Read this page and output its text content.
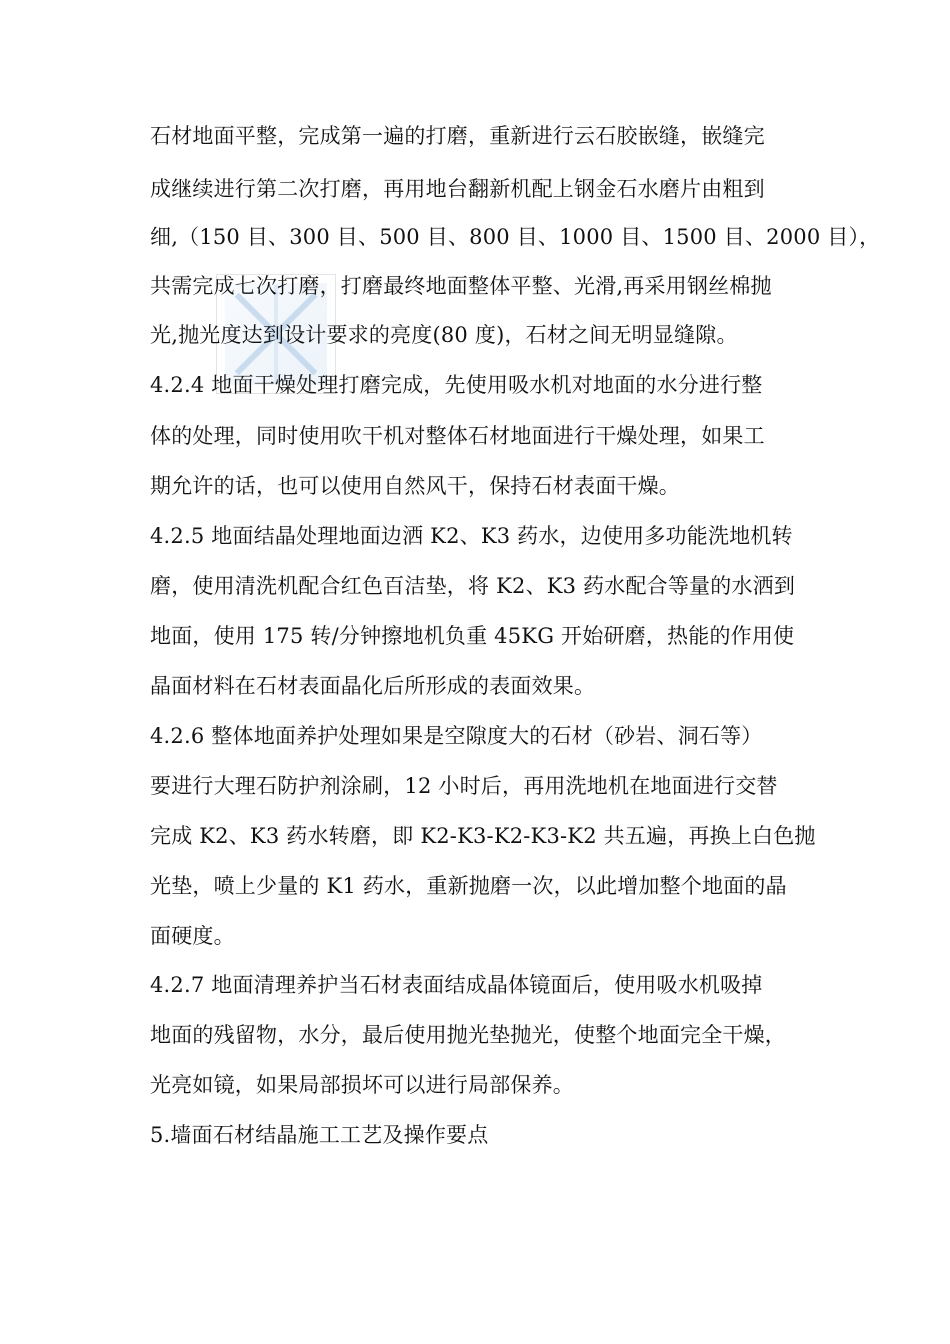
石材地面平整，完成第一遍的打磨，重新进行云石胶嵌缝，嵌缝完
成继续进行第二次打磨，再用地台翻新机配上钢金石水磨片由粗到
细,（150 目、300 目、500 目、800 目、1000 目、1500 目、2000 目），
共需完成七次打磨，打磨最终地面整体平整、光滑,再采用钢丝棉抛
光,抛光度达到设计要求的亮度(80 度)，石材之间无明显缝隙。
4.2.4 地面干燥处理打磨完成，先使用吸水机对地面的水分进行整
体的处理，同时使用吹干机对整体石材地面进行干燥处理，如果工
期允许的话，也可以使用自然风干，保持石材表面干燥。
4.2.5 地面结晶处理地面边洒 K2、K3 药水，边使用多功能洗地机转
磨，使用清洗机配合红色百洁垫，将 K2、K3 药水配合等量的水洒到
地面，使用 175 转/分钟擦地机负重 45KG 开始研磨，热能的作用使
晶面材料在石材表面晶化后所形成的表面效果。
4.2.6 整体地面养护处理如果是空隙度大的石材（砂岩、洞石等）
要进行大理石防护剂涂刷，12 小时后，再用洗地机在地面进行交替
完成 K2、K3 药水转磨，即 K2-K3-K2-K3-K2 共五遍，再换上白色抛
光垫，喷上少量的 K1 药水，重新抛磨一次，以此增加整个地面的晶
面硬度。
4.2.7 地面清理养护当石材表面结成晶体镜面后，使用吸水机吸掉
地面的残留物，水分，最后使用抛光垫抛光，使整个地面完全干燥，
光亮如镜，如果局部损坏可以进行局部保养。
5.墙面石材结晶施工工艺及操作要点
